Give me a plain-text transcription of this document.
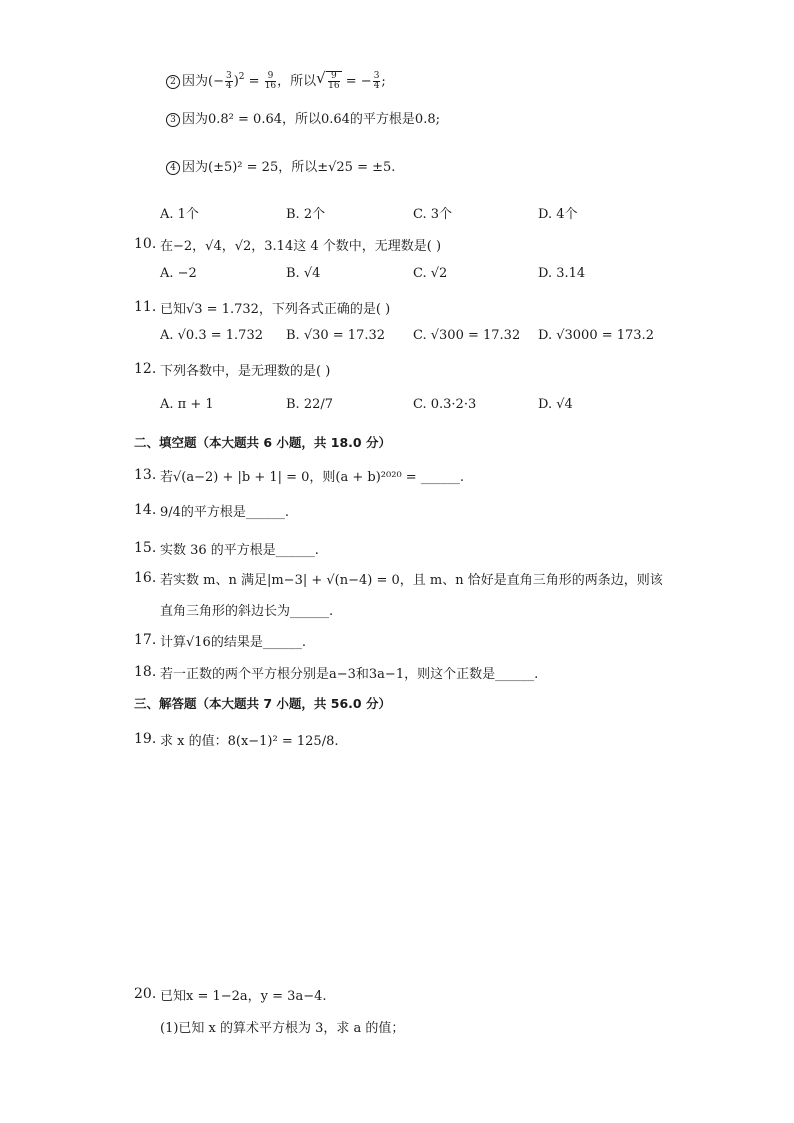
2 因为(− $\frac{3}{4} )^2 = \frac{9}{16}$ ，所以
√ $\frac{9}{16}$ = − $\frac{3}{4}$ ;
3 因为0.8² = 0.64，所以0.64的平方根是0.8;
4 因为(±5)² = 25，所以±√25 = ±5.
A. 1个	B. 2个	C. 3个	D. 4个
10. 在−2，√4，√2，3.14这 4 个数中，无理数是( )
A. −2	B. √4	C. √2	D. 3.14
11. 已知√3 = 1.732，下列各式正确的是( )
A. √0.3 = 1.732 B. √30 = 17.32 C. √300 = 17.32 D. √3000 = 173.2
12. 下列各数中，是无理数的是( )
A. π + 1	B. 22/7	C. 0.3·2·3	D. √4
二、填空题（本大题共 6 小题，共 18.0 分）
13. 若√(a−2) + |b + 1| = 0，则(a + b)²⁰²⁰ = ______.
14. 9/4的平方根是______.
15. 实数 36 的平方根是______.
16. 若实数 m、n 满足|m−3| + √(n−4) = 0，且 m、n 恰好是直角三角形的两条边，则该
直角三角形的斜边长为______.
17. 计算√16的结果是______.
18. 若一正数的两个平方根分别是a−3和3a−1，则这个正数是______.
三、解答题（本大题共 7 小题，共 56.0 分）
19. 求 x 的值：8(x−1)² = 125/8.
20. 已知x = 1−2a，y = 3a−4.
(1)已知 x 的算术平方根为 3，求 a 的值；
